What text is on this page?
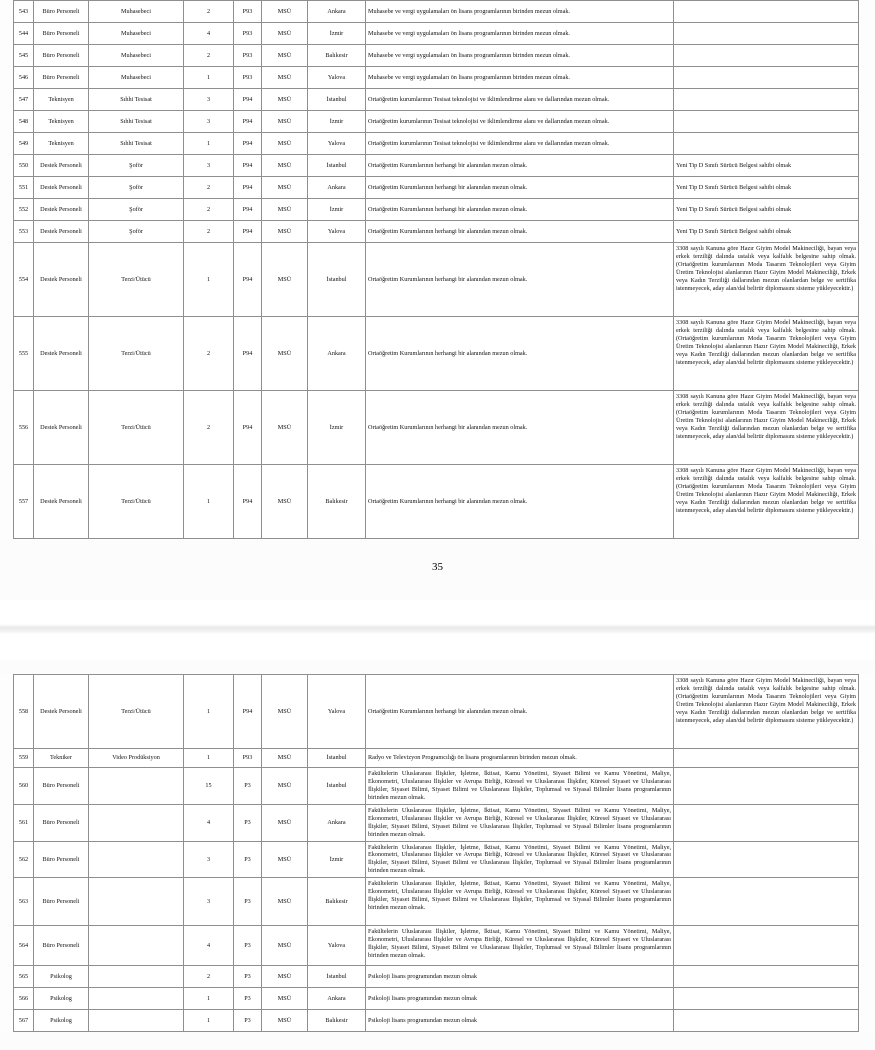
543	Büro Personeli	Muhasebeci	2	P93	MSÜ	Ankara	Muhasebe ve vergi uygulamaları ön lisans programlarının birinden mezun olmak.	
544	Büro Personeli	Muhasebeci	4	P93	MSÜ	İzmir	Muhasebe ve vergi uygulamaları ön lisans programlarının birinden mezun olmak.	
545	Büro Personeli	Muhasebeci	2	P93	MSÜ	Balıkesir	Muhasebe ve vergi uygulamaları ön lisans programlarının birinden mezun olmak.	
546	Büro Personeli	Muhasebeci	1	P93	MSÜ	Yalova	Muhasebe ve vergi uygulamaları ön lisans programlarının birinden mezun olmak.	
547	Teknisyen	Sıhhi Tesisat	3	P94	MSÜ	İstanbul	Ortaöğretim kurumlarının Tesisat teknolojisi ve iklimlendirme alanı ve dallarından mezun olmak.	
548	Teknisyen	Sıhhi Tesisat	3	P94	MSÜ	İzmir	Ortaöğretim kurumlarının Tesisat teknolojisi ve iklimlendirme alanı ve dallarından mezun olmak.	
549	Teknisyen	Sıhhi Tesisat	1	P94	MSÜ	Yalova	Ortaöğretim kurumlarının Tesisat teknolojisi ve iklimlendirme alanı ve dallarından mezun olmak.	
550	Destek Personeli	Şoför	3	P94	MSÜ	İstanbul	Ortaöğretim Kurumlarının herhangi bir alanından mezun olmak.	Yeni Tip D Sınıfı Sürücü Belgesi sahibi olmak
551	Destek Personeli	Şoför	2	P94	MSÜ	Ankara	Ortaöğretim Kurumlarının herhangi bir alanından mezun olmak.	Yeni Tip D Sınıfı Sürücü Belgesi sahibi olmak
552	Destek Personeli	Şoför	2	P94	MSÜ	İzmir	Ortaöğretim Kurumlarının herhangi bir alanından mezun olmak.	Yeni Tip D Sınıfı Sürücü Belgesi sahibi olmak
553	Destek Personeli	Şoför	2	P94	MSÜ	Yalova	Ortaöğretim Kurumlarının herhangi bir alanından mezun olmak.	Yeni Tip D Sınıfı Sürücü Belgesi sahibi olmak
554	Destek Personeli	Terzi/Ütücü	1	P94	MSÜ	İstanbul	Ortaöğretim Kurumlarının herhangi bir alanından mezun olmak.	3308 sayılı Kanuna göre Hazır Giyim Model Makineciliği, bayan veya erkek terziliği dalında ustalık veya kalfalık belgesine sahip olmak. (Ortaöğretim kurumlarının Moda Tasarım Teknolojileri veya Giyim Üretim Teknolojisi alanlarının Hazır Giyim Model Makineciliği, Erkek veya Kadın Terziliği dallarından mezun olanlardan belge ve sertifika istenmeyecek, aday alan/dal belirtir diplomasını sisteme yükleyecektir.)
555	Destek Personeli	Terzi/Ütücü	2	P94	MSÜ	Ankara	Ortaöğretim Kurumlarının herhangi bir alanından mezun olmak.	3308 sayılı Kanuna göre Hazır Giyim Model Makineciliği, bayan veya erkek terziliği dalında ustalık veya kalfalık belgesine sahip olmak. (Ortaöğretim kurumlarının Moda Tasarım Teknolojileri veya Giyim Üretim Teknolojisi alanlarının Hazır Giyim Model Makineciliği, Erkek veya Kadın Terziliği dallarından mezun olanlardan belge ve sertifika istenmeyecek, aday alan/dal belirtir diplomasını sisteme yükleyecektir.)
556	Destek Personeli	Terzi/Ütücü	2	P94	MSÜ	İzmir	Ortaöğretim Kurumlarının herhangi bir alanından mezun olmak.	3308 sayılı Kanuna göre Hazır Giyim Model Makineciliği, bayan veya erkek terziliği dalında ustalık veya kalfalık belgesine sahip olmak. (Ortaöğretim kurumlarının Moda Tasarım Teknolojileri veya Giyim Üretim Teknolojisi alanlarının Hazır Giyim Model Makineciliği, Erkek veya Kadın Terziliği dallarından mezun olanlardan belge ve sertifika istenmeyecek, aday alan/dal belirtir diplomasını sisteme yükleyecektir.)
557	Destek Personeli	Terzi/Ütücü	1	P94	MSÜ	Balıkesir	Ortaöğretim Kurumlarının herhangi bir alanından mezun olmak.	3308 sayılı Kanuna göre Hazır Giyim Model Makineciliği, bayan veya erkek terziliği dalında ustalık veya kalfalık belgesine sahip olmak. (Ortaöğretim kurumlarının Moda Tasarım Teknolojileri veya Giyim Üretim Teknolojisi alanlarının Hazır Giyim Model Makineciliği, Erkek veya Kadın Terziliği dallarından mezun olanlardan belge ve sertifika istenmeyecek, aday alan/dal belirtir diplomasını sisteme yükleyecektir.)
35
558	Destek Personeli	Terzi/Ütücü	1	P94	MSÜ	Yalova	Ortaöğretim Kurumlarının herhangi bir alanından mezun olmak.	3308 sayılı Kanuna göre Hazır Giyim Model Makineciliği, bayan veya erkek terziliği dalında ustalık veya kalfalık belgesine sahip olmak. (Ortaöğretim kurumlarının Moda Tasarım Teknolojileri veya Giyim Üretim Teknolojisi alanlarının Hazır Giyim Model Makineciliği, Erkek veya Kadın Terziliği dallarından mezun olanlardan belge ve sertifika istenmeyecek, aday alan/dal belirtir diplomasını sisteme yükleyecektir.)
559	Tekniker	Video Prodüksiyon	1	P93	MSÜ	İstanbul	Radyo ve Televizyon Programcılığı ön lisans programlarının birinden mezun olmak.	
560	Büro Personeli		15	P3	MSÜ	İstanbul	Fakültelerin Uluslararası İlişkiler, İşletme, İktisat, Kamu Yönetimi, Siyaset Bilimi ve Kamu Yönetimi, Maliye, Ekonometri, Uluslararası İlişkiler ve Avrupa Birliği, Küresel ve Uluslararası İlişkiler, Küresel Siyaset ve Uluslararası İlişkiler, Siyaset Bilimi, Siyaset Bilimi ve Uluslararası İlişkiler, Toplumsal ve Siyasal Bilimler lisans programlarının birinden mezun olmak.	
561	Büro Personeli		4	P3	MSÜ	Ankara	Fakültelerin Uluslararası İlişkiler, İşletme, İktisat, Kamu Yönetimi, Siyaset Bilimi ve Kamu Yönetimi, Maliye, Ekonometri, Uluslararası İlişkiler ve Avrupa Birliği, Küresel ve Uluslararası İlişkiler, Küresel Siyaset ve Uluslararası İlişkiler, Siyaset Bilimi, Siyaset Bilimi ve Uluslararası İlişkiler, Toplumsal ve Siyasal Bilimler lisans programlarının birinden mezun olmak.	
562	Büro Personeli		3	P3	MSÜ	İzmir	Fakültelerin Uluslararası İlişkiler, İşletme, İktisat, Kamu Yönetimi, Siyaset Bilimi ve Kamu Yönetimi, Maliye, Ekonometri, Uluslararası İlişkiler ve Avrupa Birliği, Küresel ve Uluslararası İlişkiler, Küresel Siyaset ve Uluslararası İlişkiler, Siyaset Bilimi, Siyaset Bilimi ve Uluslararası İlişkiler, Toplumsal ve Siyasal Bilimler lisans programlarının birinden mezun olmak.	
563	Büro Personeli		3	P3	MSÜ	Balıkesir	Fakültelerin Uluslararası İlişkiler, İşletme, İktisat, Kamu Yönetimi, Siyaset Bilimi ve Kamu Yönetimi, Maliye, Ekonometri, Uluslararası İlişkiler ve Avrupa Birliği, Küresel ve Uluslararası İlişkiler, Küresel Siyaset ve Uluslararası İlişkiler, Siyaset Bilimi, Siyaset Bilimi ve Uluslararası İlişkiler, Toplumsal ve Siyasal Bilimler lisans programlarının birinden mezun olmak.	
564	Büro Personeli		4	P3	MSÜ	Yalova	Fakültelerin Uluslararası İlişkiler, İşletme, İktisat, Kamu Yönetimi, Siyaset Bilimi ve Kamu Yönetimi, Maliye, Ekonometri, Uluslararası İlişkiler ve Avrupa Birliği, Küresel ve Uluslararası İlişkiler, Küresel Siyaset ve Uluslararası İlişkiler, Siyaset Bilimi, Siyaset Bilimi ve Uluslararası İlişkiler, Toplumsal ve Siyasal Bilimler lisans programlarının birinden mezun olmak.	
565	Psikolog		2	P3	MSÜ	İstanbul	Psikoloji lisans programından mezun olmak	
566	Psikolog		1	P3	MSÜ	Ankara	Psikoloji lisans programından mezun olmak	
567	Psikolog		1	P3	MSÜ	Balıkesir	Psikoloji lisans programından mezun olmak	
